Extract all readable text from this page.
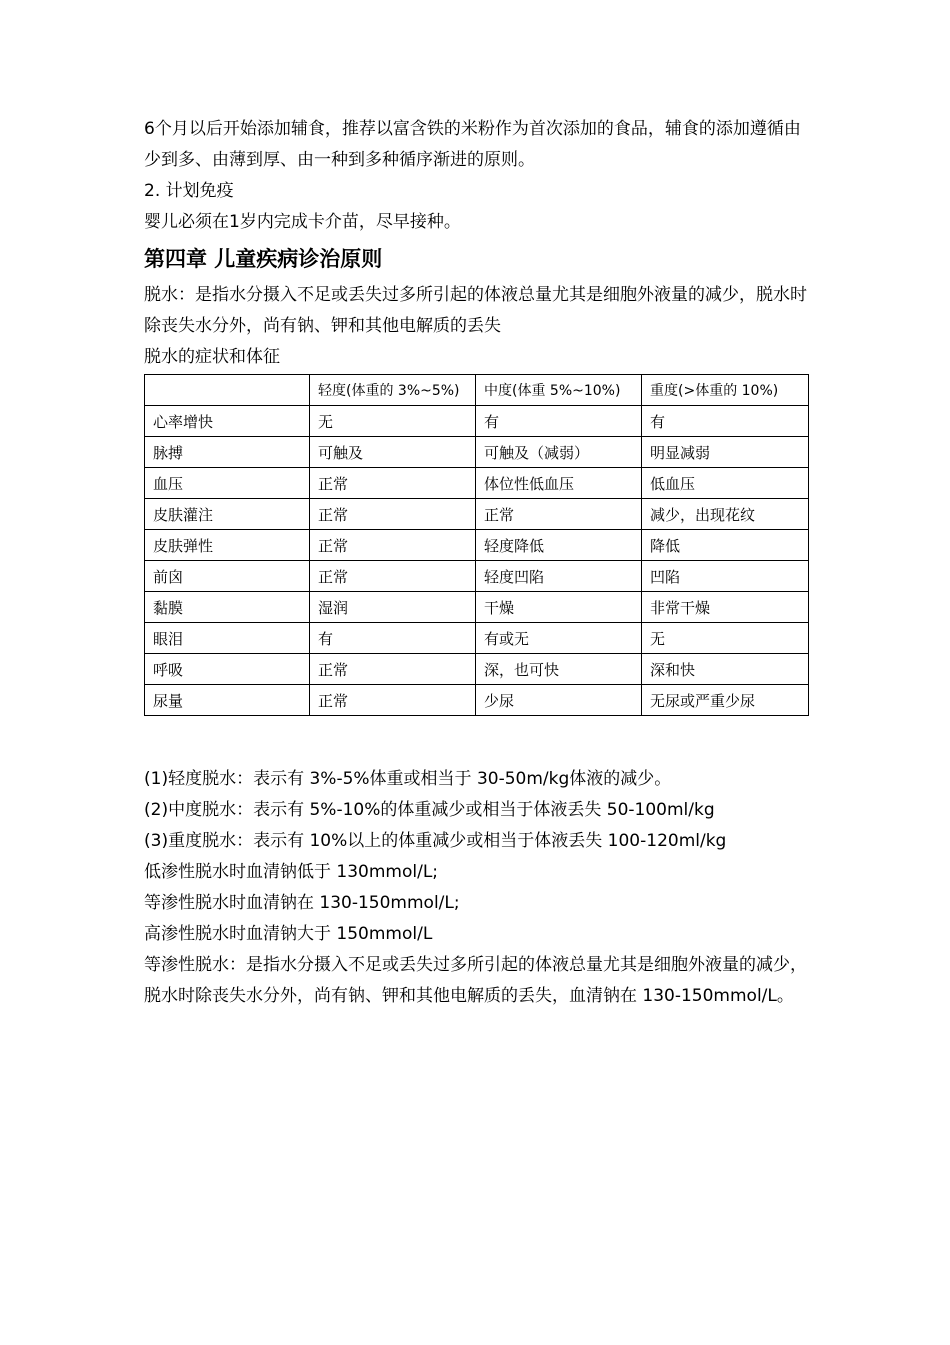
6个月以后开始添加辅食，推荐以富含铁的米粉作为首次添加的食品，辅食的添加遵循由少到多、由薄到厚、由一种到多种循序渐进的原则。

2. 计划免疫

婴儿必须在1岁内完成卡介苗，尽早接种。

第四章 儿童疾病诊治原则

脱水：是指水分摄入不足或丢失过多所引起的体液总量尤其是细胞外液量的减少，脱水时除丧失水分外，尚有钠、钾和其他电解质的丢失

脱水的症状和体征

	轻度(体重的 3%~5%)	中度(体重 5%~10%)	重度(>体重的 10%)
心率增快	无	有	有
脉搏	可触及	可触及（减弱）	明显减弱
血压	正常	体位性低血压	低血压
皮肤灌注	正常	正常	减少，出现花纹
皮肤弹性	正常	轻度降低	降低
前囟	正常	轻度凹陷	凹陷
黏膜	湿润	干燥	非常干燥
眼泪	有	有或无	无
呼吸	正常	深，也可快	深和快
尿量	正常	少尿	无尿或严重少尿

(1)轻度脱水：表示有 3%-5%体重或相当于 30-50m/kg体液的减少。

(2)中度脱水：表示有 5%-10%的体重减少或相当于体液丢失 50-100ml/kg

(3)重度脱水：表示有 10%以上的体重减少或相当于体液丢失 100-120ml/kg

低渗性脱水时血清钠低于 130mmol/L;

等渗性脱水时血清钠在 130-150mmol/L;

高渗性脱水时血清钠大于 150mmol/L

等渗性脱水：是指水分摄入不足或丢失过多所引起的体液总量尤其是细胞外液量的减少，脱水时除丧失水分外，尚有钠、钾和其他电解质的丢失，血清钠在 130-150mmol/L。
